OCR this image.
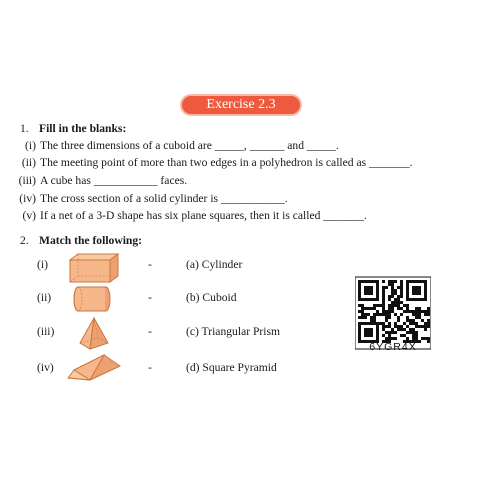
Exercise 2.3
1. Fill in the blanks:
(i) The three dimensions of a cuboid are _____, ______ and _____.
(ii) The meeting point of more than two edges in a polyhedron is called as _______.
(iii) A cube has ___________ faces.
(iv) The cross section of a solid cylinder is ___________.
(v) If a net of a 3-D shape has six plane squares, then it is called _______.
2. Match the following:
(i)	-	(a) Cylinder
(ii)	-	(b) Cuboid
(iii)	-	(c) Triangular Prism
(iv)	-	(d) Square Pyramid
6YGR4X
